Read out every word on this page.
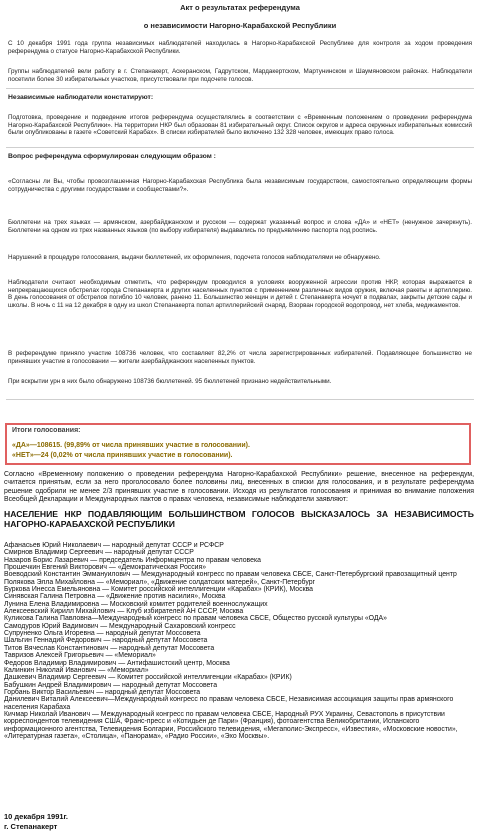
Акт о результатах референдума
о независимости Нагорно-Карабахской Республики
С 10 декабря 1991 года группа независимых наблюдателей находилась в Нагорно-Карабахской Республике для контроля за ходом проведения референдума о статусе Нагорно-Карабахской Республики.
Группы наблюдателей вели работу в г. Степанакерт, Аскеранском, Гадрутском, Мардакертском, Мартунинском и Шаумяновском районах. Наблюдатели посетили более 30 избирательных участков, присутствовали при подсчете голосов.
Независимые наблюдатели констатируют:
Подготовка, проведение и подведение итогов референдума осуществлялись в соответствии с «Временным положением о проведении референдума Нагорно-Карабахской Республики». На территории НКР был образован 81 избирательный округ. Список округов и адреса окружных избирательных комиссий были опубликованы в газете «Советский Карабах». В списки избирателей было включено 132 328 человек, имеющих право голоса.
Вопрос референдума сформулирован следующим образом :
«Согласны ли Вы, чтобы провозглашенная Нагорно-Карабахская Республика была независимым государством, самостоятельно определяющим формы сотрудничества с другими государствами и сообществами?».
Бюллетени на трех языках — армянском, азербайджанском и русском — содержат указанный вопрос и слова «ДА» и «НЕТ» (ненужное зачеркнуть). Бюллетени на одном из трех названных языков (по выбору избирателя) выдавались по предъявлению паспорта под роспись.
Нарушений в процедуре голосования, выдачи бюллетеней, их оформления, подсчета голосов наблюдателями не обнаружено.
Наблюдатели считают необходимым отметить, что референдум проводился в условиях вооруженной агрессии против НКР, которая выражается в непрекращающихся обстрелах города Степанакерта и других населенных пунктов с применением различных видов оружия, включая ракеты и артиллерию. В день голосования от обстрелов погибло 10 человек, ранено 11. Большинство женщин и детей г. Степанакерта ночует в подвалах, закрыты детские сады и школы. В ночь с 11 на 12 декабря в одну из школ Степанакерта попал артиллерийский снаряд. Взорван городской водопровод, нет хлеба, медикаментов.
В референдуме приняло участие 108736 человек, что составляет 82,2% от числа зарегистрированных избирателей. Подавляющее большинство не принявших участие в голосовании — жители азербайджанских населенных пунктов.
При вскрытии урн в них было обнаружено 108736 бюллетеней. 95 бюллетеней признано недействительными.
Итоги голосования:
«ДА»—108615. (99,89% от числа принявших участие в голосовании).
«НЕТ»—24 (0,02% от числа принявших участие в голосовании).
Согласно «Временному положению о проведении референдума Нагорно-Карабахской Республики» решение, внесенное на референдум, считается принятым, если за него проголосовало более половины лиц, внесенных в списки для голосования, и в результате референдума решение одобрили не менее 2/3 принявших участие в голосовании. Исходя из результатов голосования и принимая во внимание положения Всеобщей Декларации и Международных пактов о правах человека, независимые наблюдатели заявляют:
НАСЕЛЕНИЕ НКР ПОДАВЛЯЮЩИМ БОЛЬШИНСТВОМ ГОЛОСОВ ВЫСКАЗАЛОСЬ ЗА НЕЗАВИСИМОСТЬ НАГОРНО-КАРАБАХСКОЙ РЕСПУБЛИКИ
Афанасьев Юрий Николаевич — народный депутат СССР и РСФСР
Смирнов Владимир Сергеевич — народный депутат СССР
Назаров Борис Лазаревич — председатель Информцентра по правам человека
Прошечкин Евгений Викторович — «Демократическая Россия»
Воеводский Константин Эммануилович — Международный конгресс по правам человека СБСЕ, Санкт-Петербургский правозащитный центр
Полякова Элла Михайловна — «Мемориал», «Движение солдатских матерей», Санкт-Петербург
Буркова Инесса Емельяновна — Комитет российской интеллигенции «Карабах» (КРИК), Москва
Синявская Галина Петровна — «Движение против насилия», Москва
Лунина Елена Владимировна — Московский комитет родителей военнослужащих
Алексеевский Кирилл Михайлович — Клуб избирателей АН СССР, Москва
Куликова Галина Павловна—Международный конгресс по правам человека СБСЕ, Общество русской культуры «ОДА»
Самодуров Юрий Вадимович — Международный Сахаровский конгресс
Супруненко Ольга Игоревна — народный депутат Моссовета
Шальгин Геннадий Федорович — народный депутат Моссовета
Титов Вячеслав Константинович — народный депутат Моссовета
Тавризов Алексей Григорьевич — «Мемориал»
Федоров Владимир Владимирович — Антифашистский центр, Москва
Калинкин Николай Иванович — «Мемориал»
Дашкевич Владимир Сергеевич — Комитет российской интеллигенции «Карабах» (КРИК)
Бабушкин Андрей Владимирович — народный депутат Моссовета
Горбань Виктор Васильевич — народный депутат Моссовета
Данилевич Виталий Алексеевич—Международный конгресс по правам человека СБСЕ, Независимая ассоциация защиты прав армянского населения Карабаха
Кичмар Николай Иванович — Международный конгресс по правам человека СБСЕ, Народный РУХ Украины, Севастополь в присутствии корреспондентов телевидения США, Франс-пресс и «Котидьен де Пари» (Франция), фотоагентства Великобритании, Испанского информационного агентства, Телевидения Болгарии, Российского телевидения, «Мегаполис-Экспресс», «Известия», «Московские новости», «Литературная газета», «Столица», «Панорама», «Радио России», «Эхо Москвы».
10 декабря 1991г.
г. Степанакерт
